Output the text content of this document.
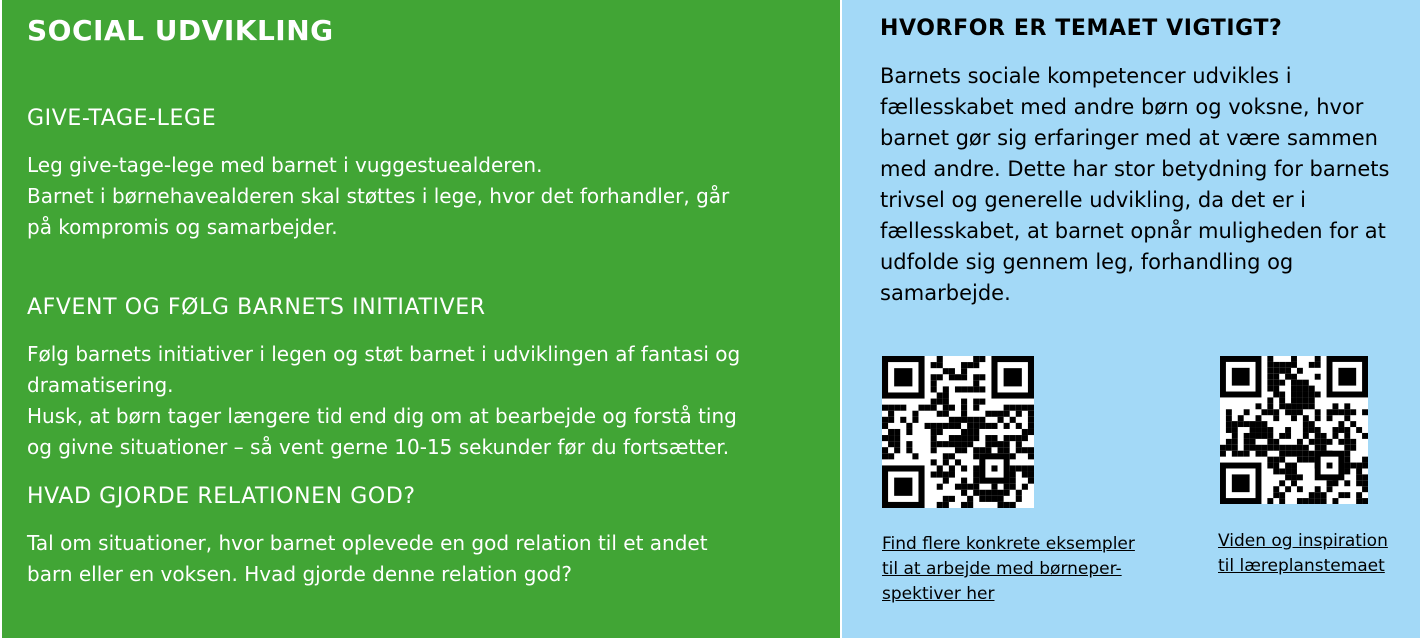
SOCIAL UDVIKLING
GIVE-TAGE-LEGE
Leg give-tage-lege med barnet i vuggestuealderen.
Barnet i børnehavealderen skal støttes i lege, hvor det forhandler, går
på kompromis og samarbejder.
AFVENT OG FØLG BARNETS INITIATIVER
Følg barnets initiativer i legen og støt barnet i udviklingen af fantasi og
dramatisering.
Husk, at børn tager længere tid end dig om at bearbejde og forstå ting
og givne situationer – så vent gerne 10-15 sekunder før du fortsætter.
HVAD GJORDE RELATIONEN GOD?
Tal om situationer, hvor barnet oplevede en god relation til et andet
barn eller en voksen. Hvad gjorde denne relation god?
HVORFOR ER TEMAET VIGTIGT?

Barnets sociale kompetencer udvikles i fællesskabet med andre børn og voksne, hvor barnet gør sig erfaringer med at være sammen med andre. Dette har stor betydning for barnets trivsel og generelle udvikling, da det er i fællesskabet, at barnet opnår muligheden for at udfolde sig gennem leg, forhandling og samarbejde.

Find flere konkrete eksempler
til at arbejde med børneper-
spektiver her
Viden og inspiration
til læreplanstemaet
